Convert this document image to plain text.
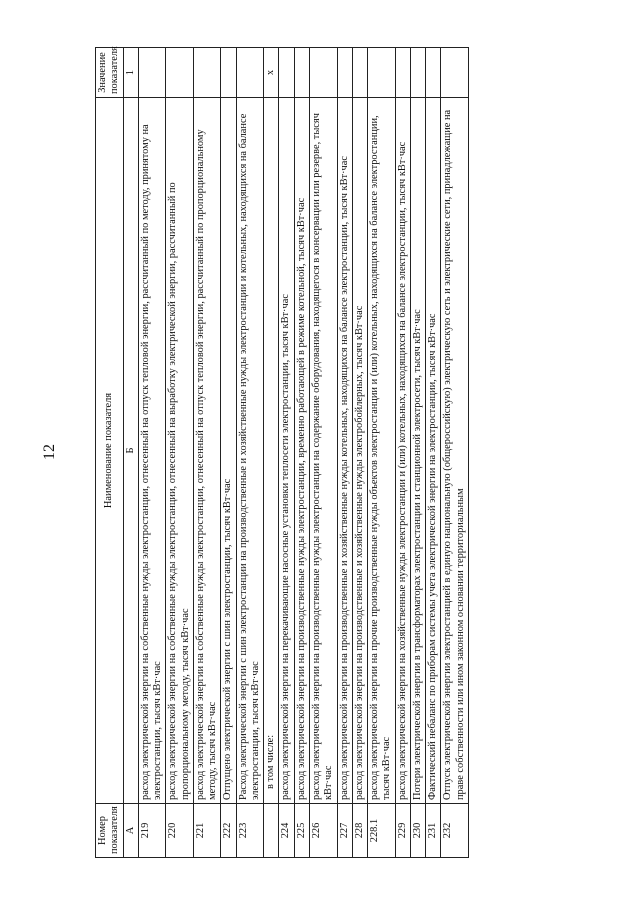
12
Номер показателя	Наименование показателя	Значение показателя
А	Б	1
219	расход электрической энергии на собственные нужды электростанции, отнесенный на отпуск тепловой энергии, рассчитанный по методу, принятому на электростанции, тысяч кВт·час	
220	расход электрической энергии на собственные нужды электростанции, отнесенный на выработку электрической энергии, рассчитанный по пропорциональному методу, тысяч кВт·час	
221	расход электрической энергии на собственные нужды электростанции, отнесенный на отпуск тепловой энергии, рассчитанный по пропорциональному методу, тысяч кВт·час	
222	Отпущено электрической энергии с шин электростанции, тысяч кВт·час	
223	Расход электрической энергии с шин электростанции на производственные и хозяйственные нужды электростанции и котельных, находящихся на балансе электростанции, тысяч кВт·час	
	в том числе:	x
224	расход электрической энергии на перекачивающие насосные установки теплосети электростанции, тысяч кВт·час	
225	расход электрической энергии на производственные нужды электростанции, временно работающей в режиме котельной, тысяч кВт·час	
226	расход электрической энергии на производственные нужды электростанции на содержание оборудования, находящегося в консервации или резерве, тысяч кВт·час	
227	расход электрической энергии на производственные и хозяйственные нужды котельных, находящихся на балансе электростанции, тысяч кВт·час	
228	расход электрической энергии на производственные и хозяйственные нужды электробойлерных, тысяч кВт·час	
228.1	расход электрической энергии на прочие производственные нужды объектов электростанции и (или) котельных, находящихся на балансе электростанции, тысяч кВт·час	
229	расход электрической энергии на хозяйственные нужды электростанции и (или) котельных, находящихся на балансе электростанции, тысяч кВт·час	
230	Потери электрической энергии в трансформаторах электростанции и станционной электросети, тысяч кВт·час	
231	Фактический небаланс по приборам системы учета электрической энергии на электростанции, тысяч кВт·час	
232	Отпуск электрической энергии электростанцией в единую национальную (общероссийскую) электрическую сеть и электрические сети, принадлежащие на праве собственности или ином законном основании территориальным	
